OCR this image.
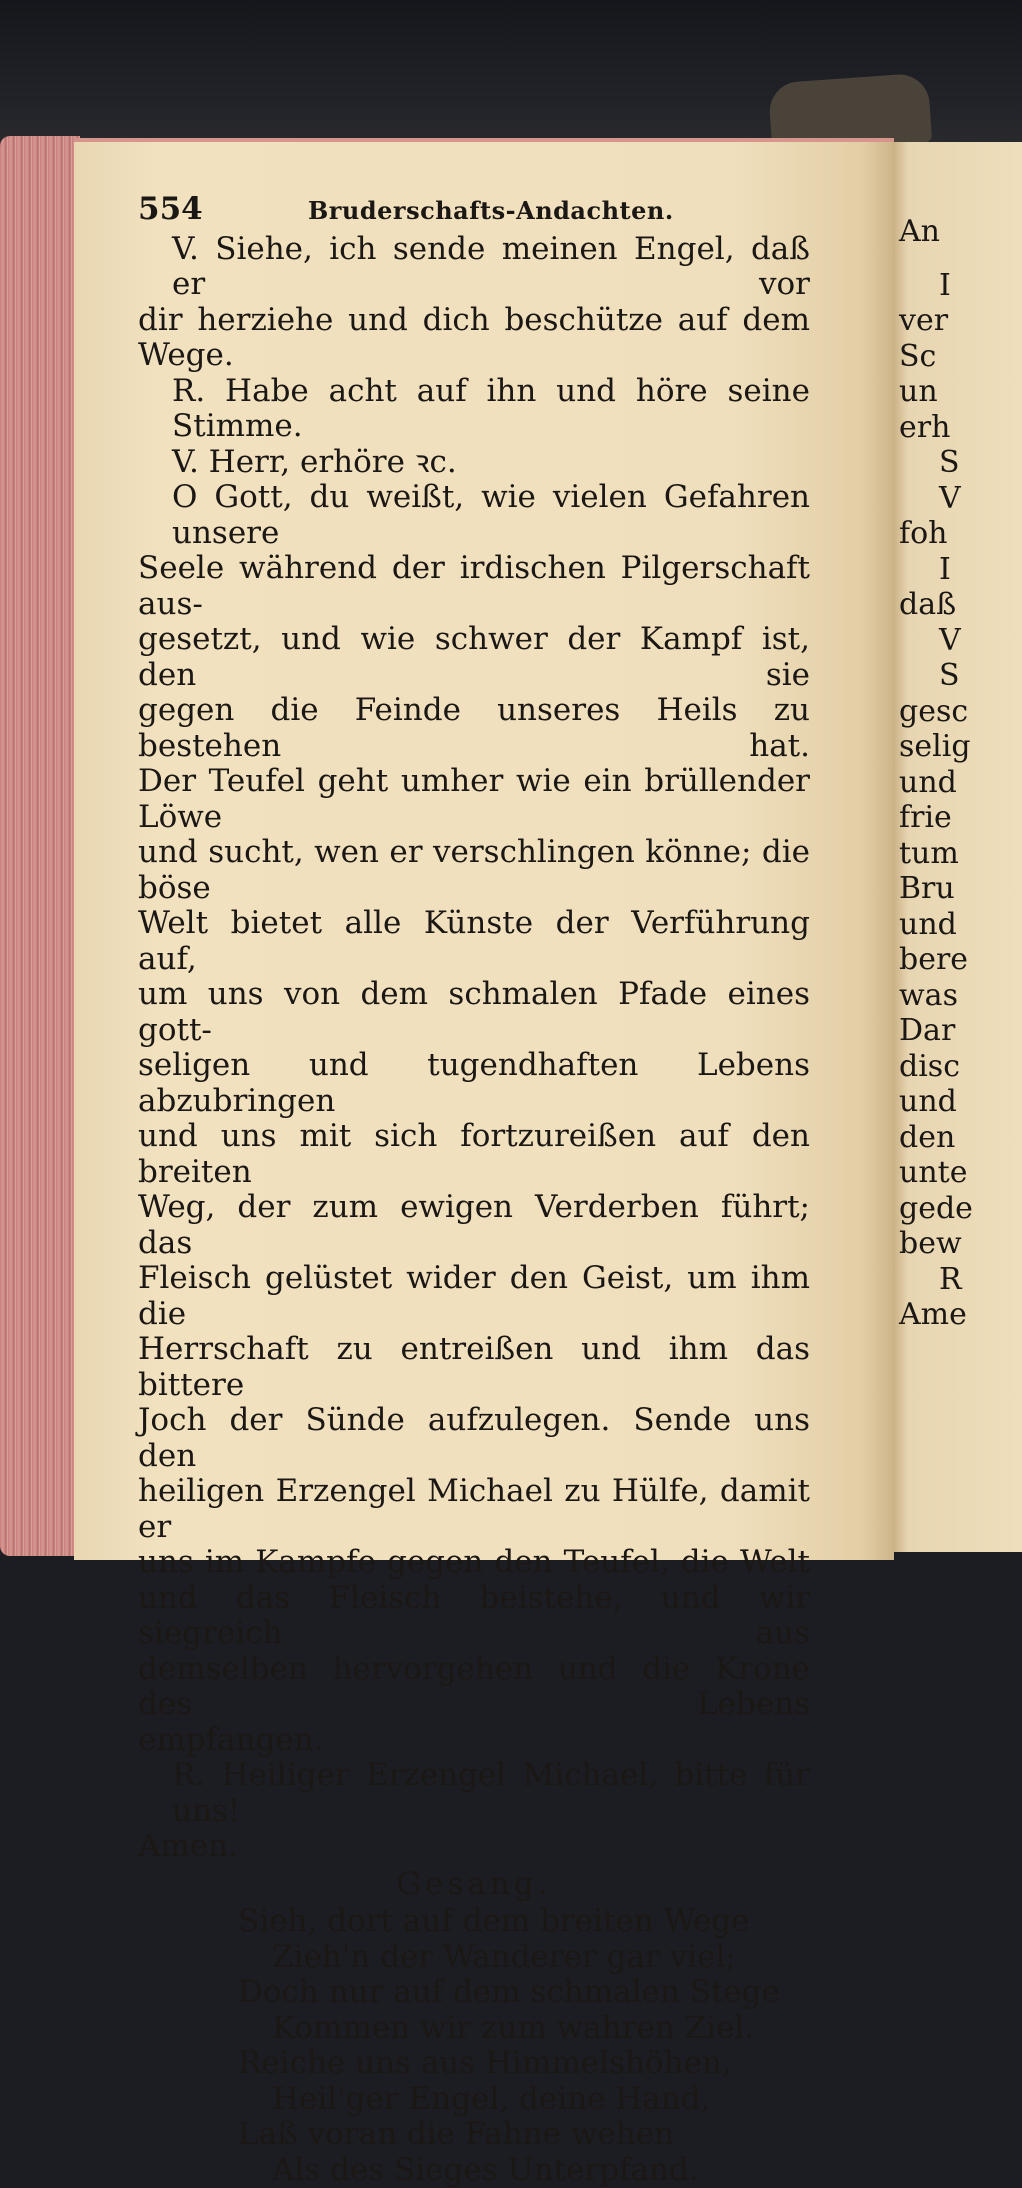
554	Bruderschafts-Andachten.
V. Siehe, ich sende meinen Engel, daß er vor
dir herziehe und dich beschütze auf dem Wege.
R. Habe acht auf ihn und höre seine Stimme.
V. Herr, erhöre ꝛc.
O Gott, du weißt, wie vielen Gefahren unsere
Seele während der irdischen Pilgerschaft aus-
gesetzt, und wie schwer der Kampf ist, den sie
gegen die Feinde unseres Heils zu bestehen hat.
Der Teufel geht umher wie ein brüllender Löwe
und sucht, wen er verschlingen könne; die böse
Welt bietet alle Künste der Verführung auf,
um uns von dem schmalen Pfade eines gott-
seligen und tugendhaften Lebens abzubringen
und uns mit sich fortzureißen auf den breiten
Weg, der zum ewigen Verderben führt; das
Fleisch gelüstet wider den Geist, um ihm die
Herrschaft zu entreißen und ihm das bittere
Joch der Sünde aufzulegen. Sende uns den
heiligen Erzengel Michael zu Hülfe, damit er
uns im Kampfe gegen den Teufel, die Welt
und das Fleisch beistehe, und wir siegreich aus
demselben hervorgehen und die Krone des Lebens
empfangen.
R. Heiliger Erzengel Michael, bitte für uns!
Amen.
Gesang.
Sieh, dort auf dem breiten Wege
Zieh'n der Wanderer gar viel;
Doch nur auf dem schmalen Stege
Kommen wir zum wahren Ziel.
Reiche uns aus Himmelshöhen,
Heil'ger Engel, deine Hand,
Laß voran die Fahne wehen
Als des Sieges Unterpfand.
An
I
ver
Sc
un
erh
S
V
foh
I
daß
V
S
gesc
selig
und
frie
tum
Bru
und
bere
was
Dar
disc
und
den
unte
gede
bew
R
Ame
